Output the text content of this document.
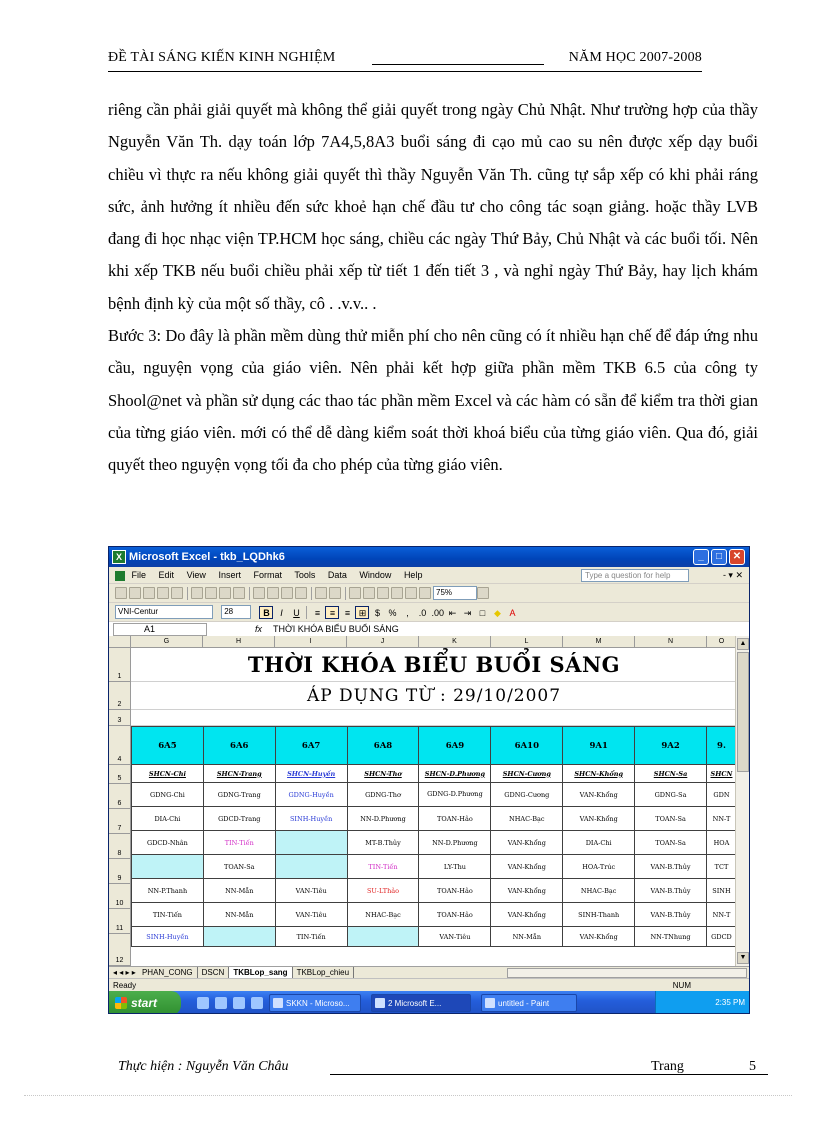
ĐỀ TÀI SÁNG KIẾN KINH NGHIỆM	NĂM HỌC 2007-2008

riêng cần phải giải quyết mà không thể giải quyết trong ngày Chủ Nhật. Như trường hợp của thầy Nguyễn Văn Th. dạy toán lớp 7A4,5,8A3 buổi sáng đi cạo mủ cao su nên được xếp dạy buổi chiều vì thực ra nếu không giải quyết thì thầy Nguyễn Văn Th. cũng tự sắp xếp có khi phải ráng sức, ảnh hưởng ít nhiều đến sức khoẻ hạn chế đầu tư cho công tác soạn giảng. hoặc thầy LVB đang đi học nhạc viện TP.HCM học sáng, chiều các ngày Thứ Bảy, Chủ Nhật và các buổi tối. Nên khi xếp TKB nếu buổi chiều phải xếp từ tiết 1 đến tiết 3 , và nghỉ ngày Thứ Bảy, hay lịch khám bệnh định kỳ của một số thầy, cô . .v.v.. .

Bước 3: Do đây là phần mềm dùng thử miễn phí cho nên cũng có ít nhiều hạn chế để đáp ứng nhu cầu, nguyện vọng của giáo viên. Nên phải kết hợp giữa phần mềm TKB 6.5 của công ty Shool@net và phần sử dụng các thao tác phần mềm Excel và các hàm có sẵn để kiểm tra thời gian của từng giáo viên. mới có thể dễ dàng kiểm soát thời khoá biểu của từng giáo viên. Qua đó, giải quyết theo nguyện vọng tối đa cho phép của từng giáo viên.

X Microsoft Excel - tkb_LQDhk6	_	□	✕
File Edit View Insert Format Tools Data Window Help	Type a question for help	- ▾ ✕
75%
VNI-Centur	28	B I U ≡ ≡ ≡ ⊞ $ % , .0 .00 ⇤ ⇥ □ ◆ A
A1	fx THỜI KHÓA BIỂU BUỔI SÁNG
G	H	I	J	K	L	M	N	O
1
2
3
4
5
6
7
8
9
10
11
12
THỜI KHÓA BIỂU BUỔI SÁNG
ÁP DỤNG TỪ : 29/10/2007
6A5	6A6	6A7	6A8	6A9	6A10	9A1	9A2	9.
SHCN-Chi	SHCN-Trang	SHCN-Huyền	SHCN-Thơ	SHCN-D.Phương	SHCN-Cương	SHCN-Khổng	SHCN-Sa	SHCN
GDNG-Chi	GDNG-Trang	GDNG-Huyền	GDNG-Thơ	GDNG-D.Phương	GDNG-Cương	VAN-Khổng	GDNG-Sa	GDN
DIA-Chi	GDCD-Trang	SINH-Huyền	NN-D.Phương	TOAN-Hảo	NHAC-Bạc	VAN-Khổng	TOAN-Sa	NN-T
GDCD-Nhân	TIN-Tiến		MT-B.Thủy	NN-D.Phương	VAN-Khổng	DIA-Chi	TOAN-Sa	HOA
	TOAN-Sa		TIN-Tiến	LY-Thu	VAN-Khổng	HOA-Trúc	VAN-B.Thủy	TCT
NN-P.Thanh	NN-Mẫn	VAN-Tiêu	SU-LThảo	TOAN-Hảo	VAN-Khổng	NHAC-Bạc	VAN-B.Thủy	SINH
TIN-Tiến	NN-Mẫn	VAN-Tiêu	NHAC-Bạc	TOAN-Hảo	VAN-Khổng	SINH-Thanh	VAN-B.Thủy	NN-T
SINH-Huyền		TIN-Tiến		VAN-Tiêu	NN-Mẫn	VAN-Khổng	NN-TNhung	GDCD
▲
▼
◂ ◂ ▸ ▸ PHAN_CONG DSCN TKBLop_sang TKBLop_chieu
Ready	NUM
start	SKKN - Microso...	2 Microsoft E...	untitled - Paint	2:35 PM
Thực hiện : Nguyễn Văn Châu	Trang	5
